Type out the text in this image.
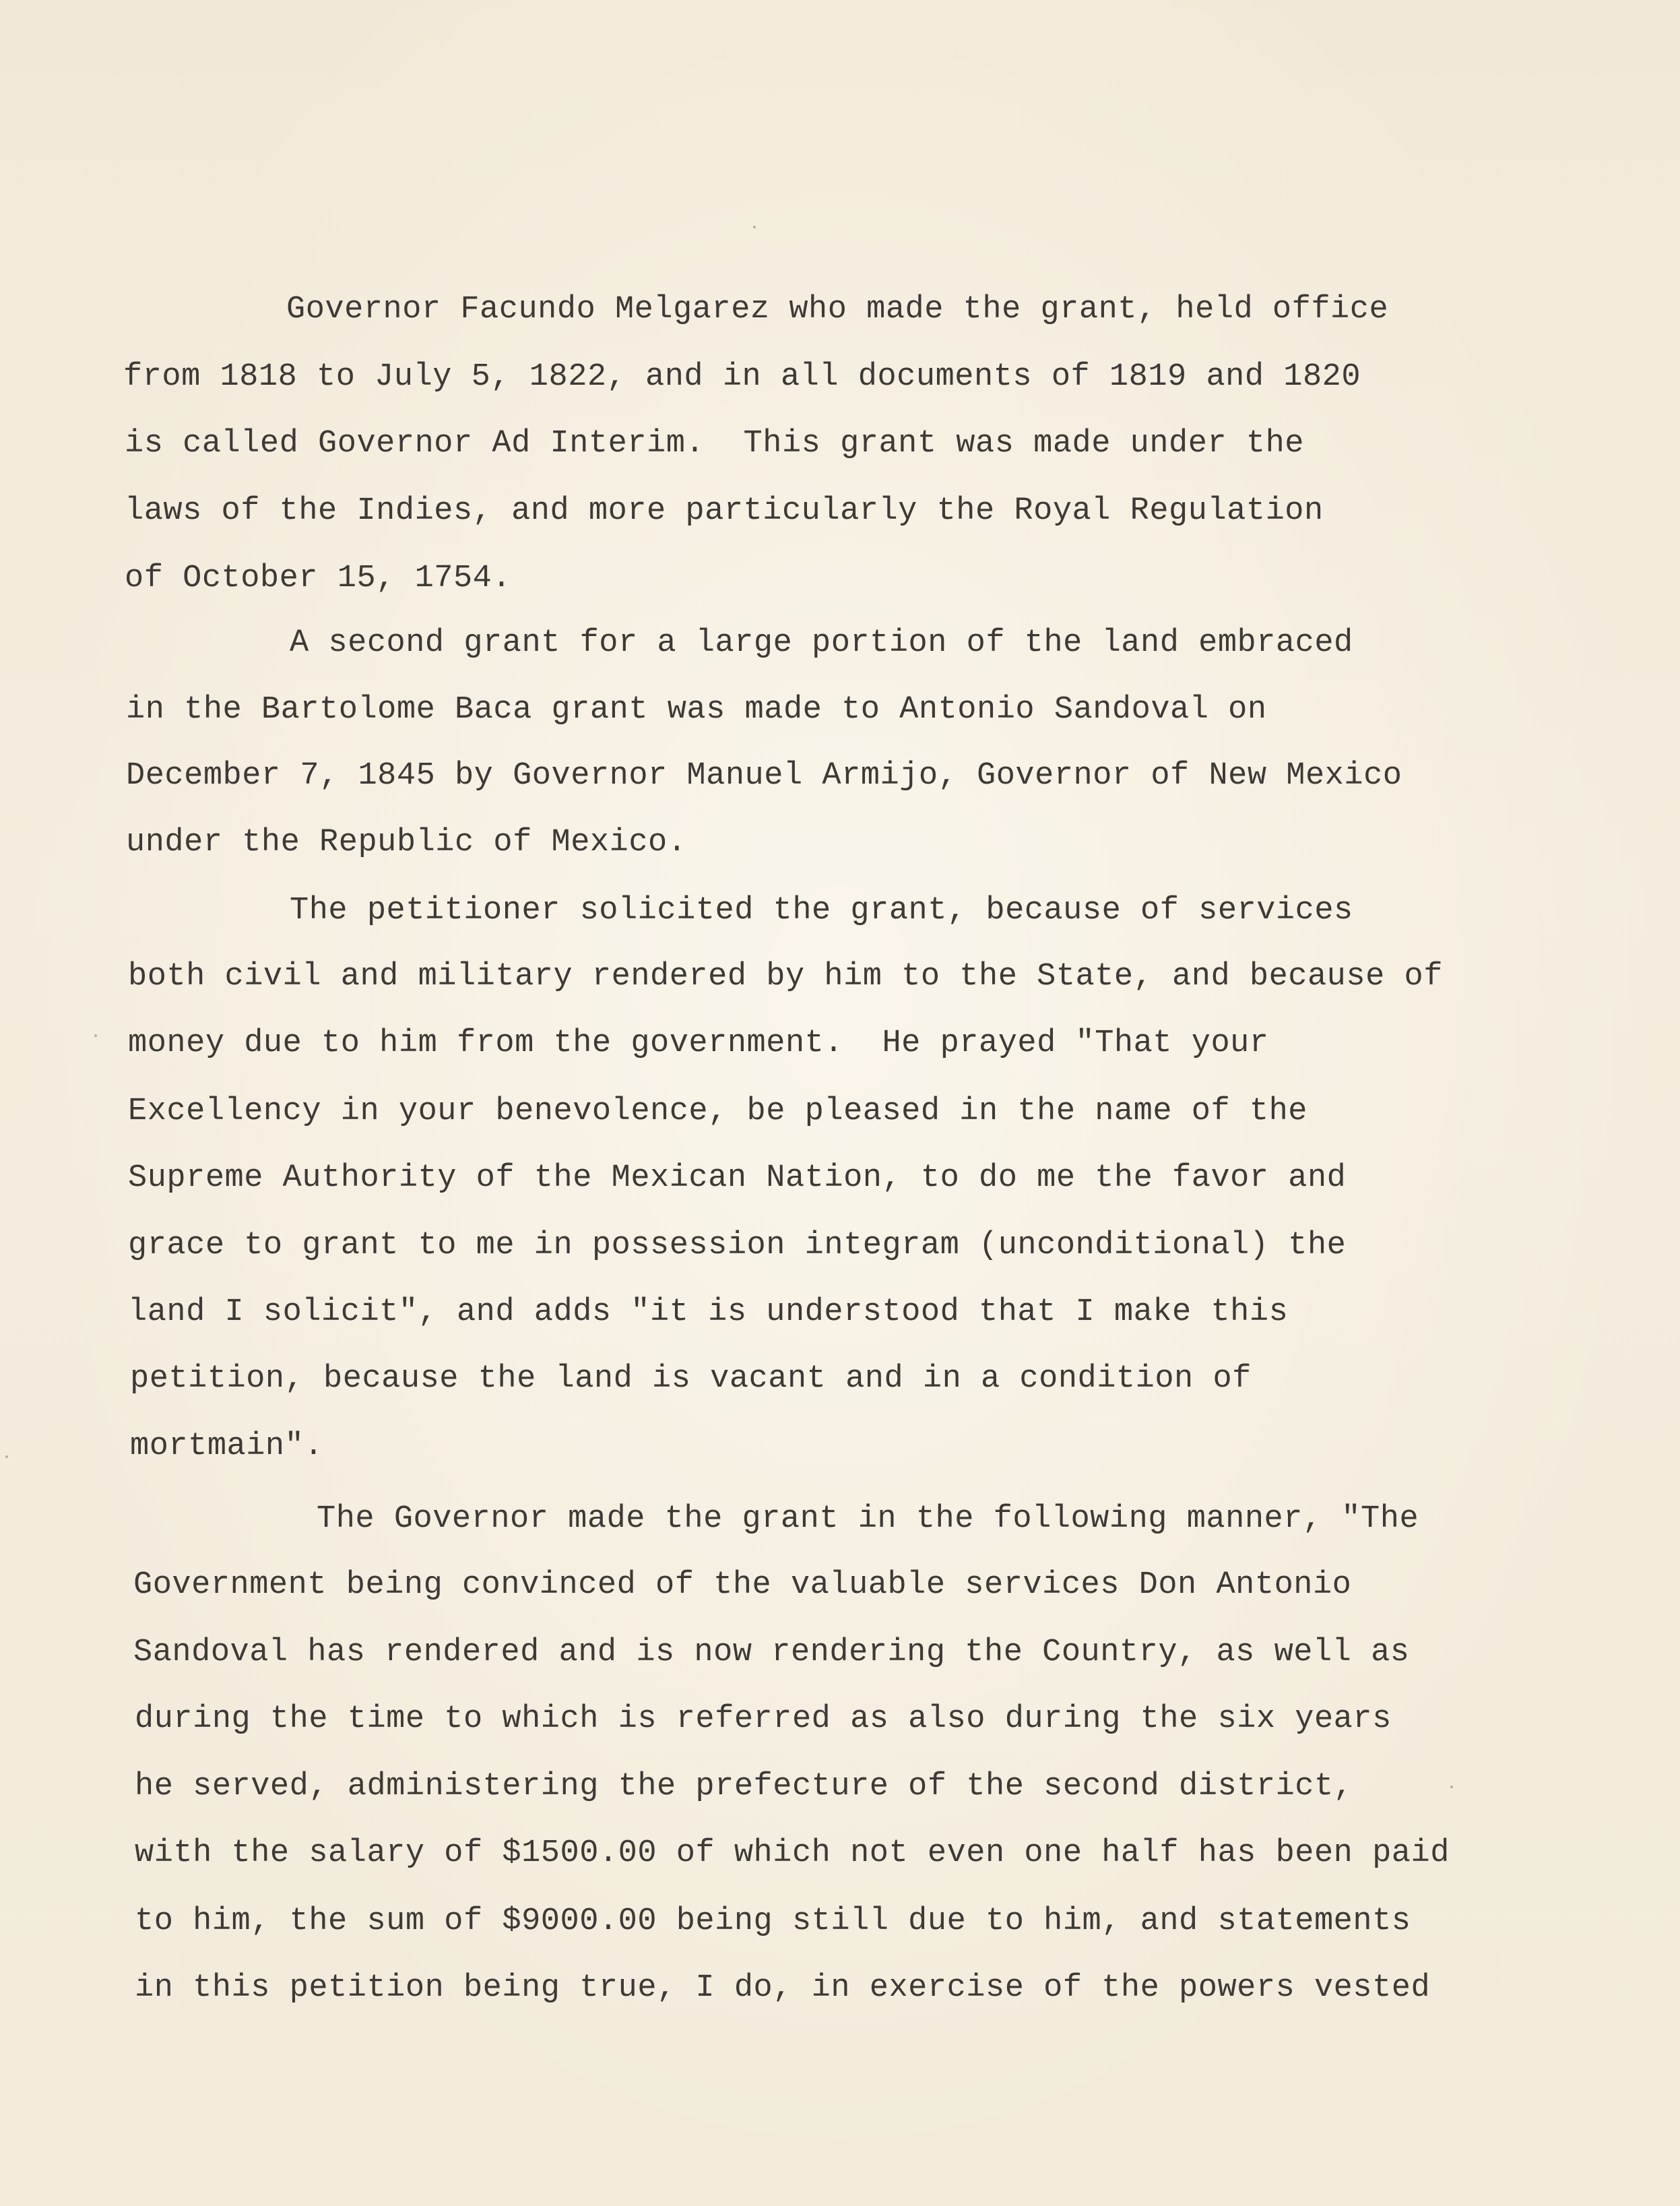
Governor Facundo Melgarez who made the grant, held office

from 1818 to July 5, 1822, and in all documents of 1819 and 1820

is called Governor Ad Interim.  This grant was made under the

laws of the Indies, and more particularly the Royal Regulation

of October 15, 1754.

A second grant for a large portion of the land embraced

in the Bartolome Baca grant was made to Antonio Sandoval on

December 7, 1845 by Governor Manuel Armijo, Governor of New Mexico

under the Republic of Mexico.

The petitioner solicited the grant, because of services

both civil and military rendered by him to the State, and because of

money due to him from the government.  He prayed "That your

Excellency in your benevolence, be pleased in the name of the

Supreme Authority of the Mexican Nation, to do me the favor and

grace to grant to me in possession integram (unconditional) the

land I solicit", and adds "it is understood that I make this

petition, because the land is vacant and in a condition of

mortmain".

The Governor made the grant in the following manner, "The

Government being convinced of the valuable services Don Antonio

Sandoval has rendered and is now rendering the Country, as well as

during the time to which is referred as also during the six years

he served, administering the prefecture of the second district,

with the salary of $1500.00 of which not even one half has been paid

to him, the sum of $9000.00 being still due to him, and statements

in this petition being true, I do, in exercise of the powers vested
